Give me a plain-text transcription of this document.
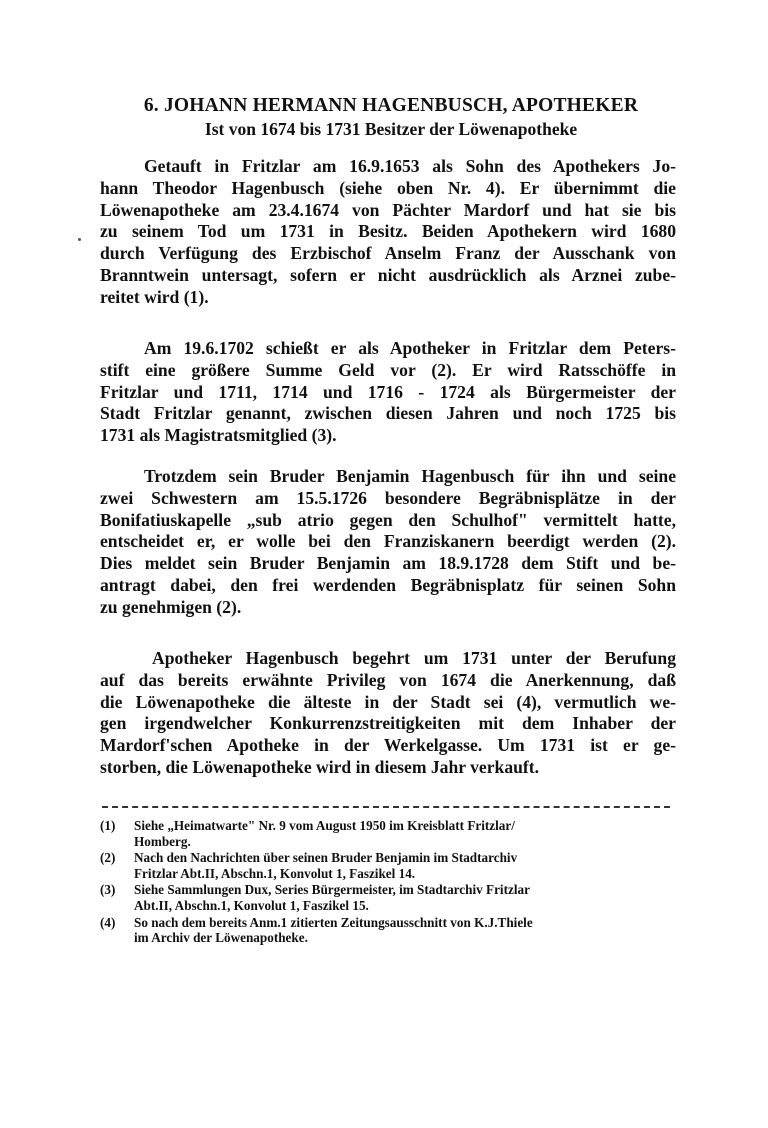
6. JOHANN HERMANN HAGENBUSCH, APOTHEKER
Ist von 1674 bis 1731 Besitzer der Löwenapotheke

Getauft in Fritzlar am 16.9.1653 als Sohn des Apothekers Jo-
hann Theodor Hagenbusch (siehe oben Nr. 4). Er übernimmt die
Löwenapotheke am 23.4.1674 von Pächter Mardorf und hat sie bis
zu seinem Tod um 1731 in Besitz. Beiden Apothekern wird 1680
durch Verfügung des Erzbischof Anselm Franz der Ausschank von
Branntwein untersagt, sofern er nicht ausdrücklich als Arznei zube-
reitet wird (1).

Am 19.6.1702 schießt er als Apotheker in Fritzlar dem Peters-
stift eine größere Summe Geld vor (2). Er wird Ratsschöffe in
Fritzlar und 1711, 1714 und 1716 - 1724 als Bürgermeister der
Stadt Fritzlar genannt, zwischen diesen Jahren und noch 1725 bis
1731 als Magistratsmitglied (3).

Trotzdem sein Bruder Benjamin Hagenbusch für ihn und seine
zwei Schwestern am 15.5.1726 besondere Begräbnisplätze in der
Bonifatiuskapelle „sub atrio gegen den Schulhof" vermittelt hatte,
entscheidet er, er wolle bei den Franziskanern beerdigt werden (2).
Dies meldet sein Bruder Benjamin am 18.9.1728 dem Stift und be-
antragt dabei, den frei werdenden Begräbnisplatz für seinen Sohn
zu genehmigen (2).

Apotheker Hagenbusch begehrt um 1731 unter der Berufung
auf das bereits erwähnte Privileg von 1674 die Anerkennung, daß
die Löwenapotheke die älteste in der Stadt sei (4), vermutlich we-
gen irgendwelcher Konkurrenzstreitigkeiten mit dem Inhaber der
Mardorf'schen Apotheke in der Werkelgasse. Um 1731 ist er ge-
storben, die Löwenapotheke wird in diesem Jahr verkauft.

(1)	Siehe „Heimatwarte" Nr. 9 vom August 1950 im Kreisblatt Fritzlar/
Homberg.
(2)	Nach den Nachrichten über seinen Bruder Benjamin im Stadtarchiv
Fritzlar Abt.II, Abschn.1, Konvolut 1, Faszikel 14.
(3)	Siehe Sammlungen Dux, Series Bürgermeister, im Stadtarchiv Fritzlar
Abt.II, Abschn.1, Konvolut 1, Faszikel 15.
(4)	So nach dem bereits Anm.1 zitierten Zeitungsausschnitt von K.J.Thiele
im Archiv der Löwenapotheke.
